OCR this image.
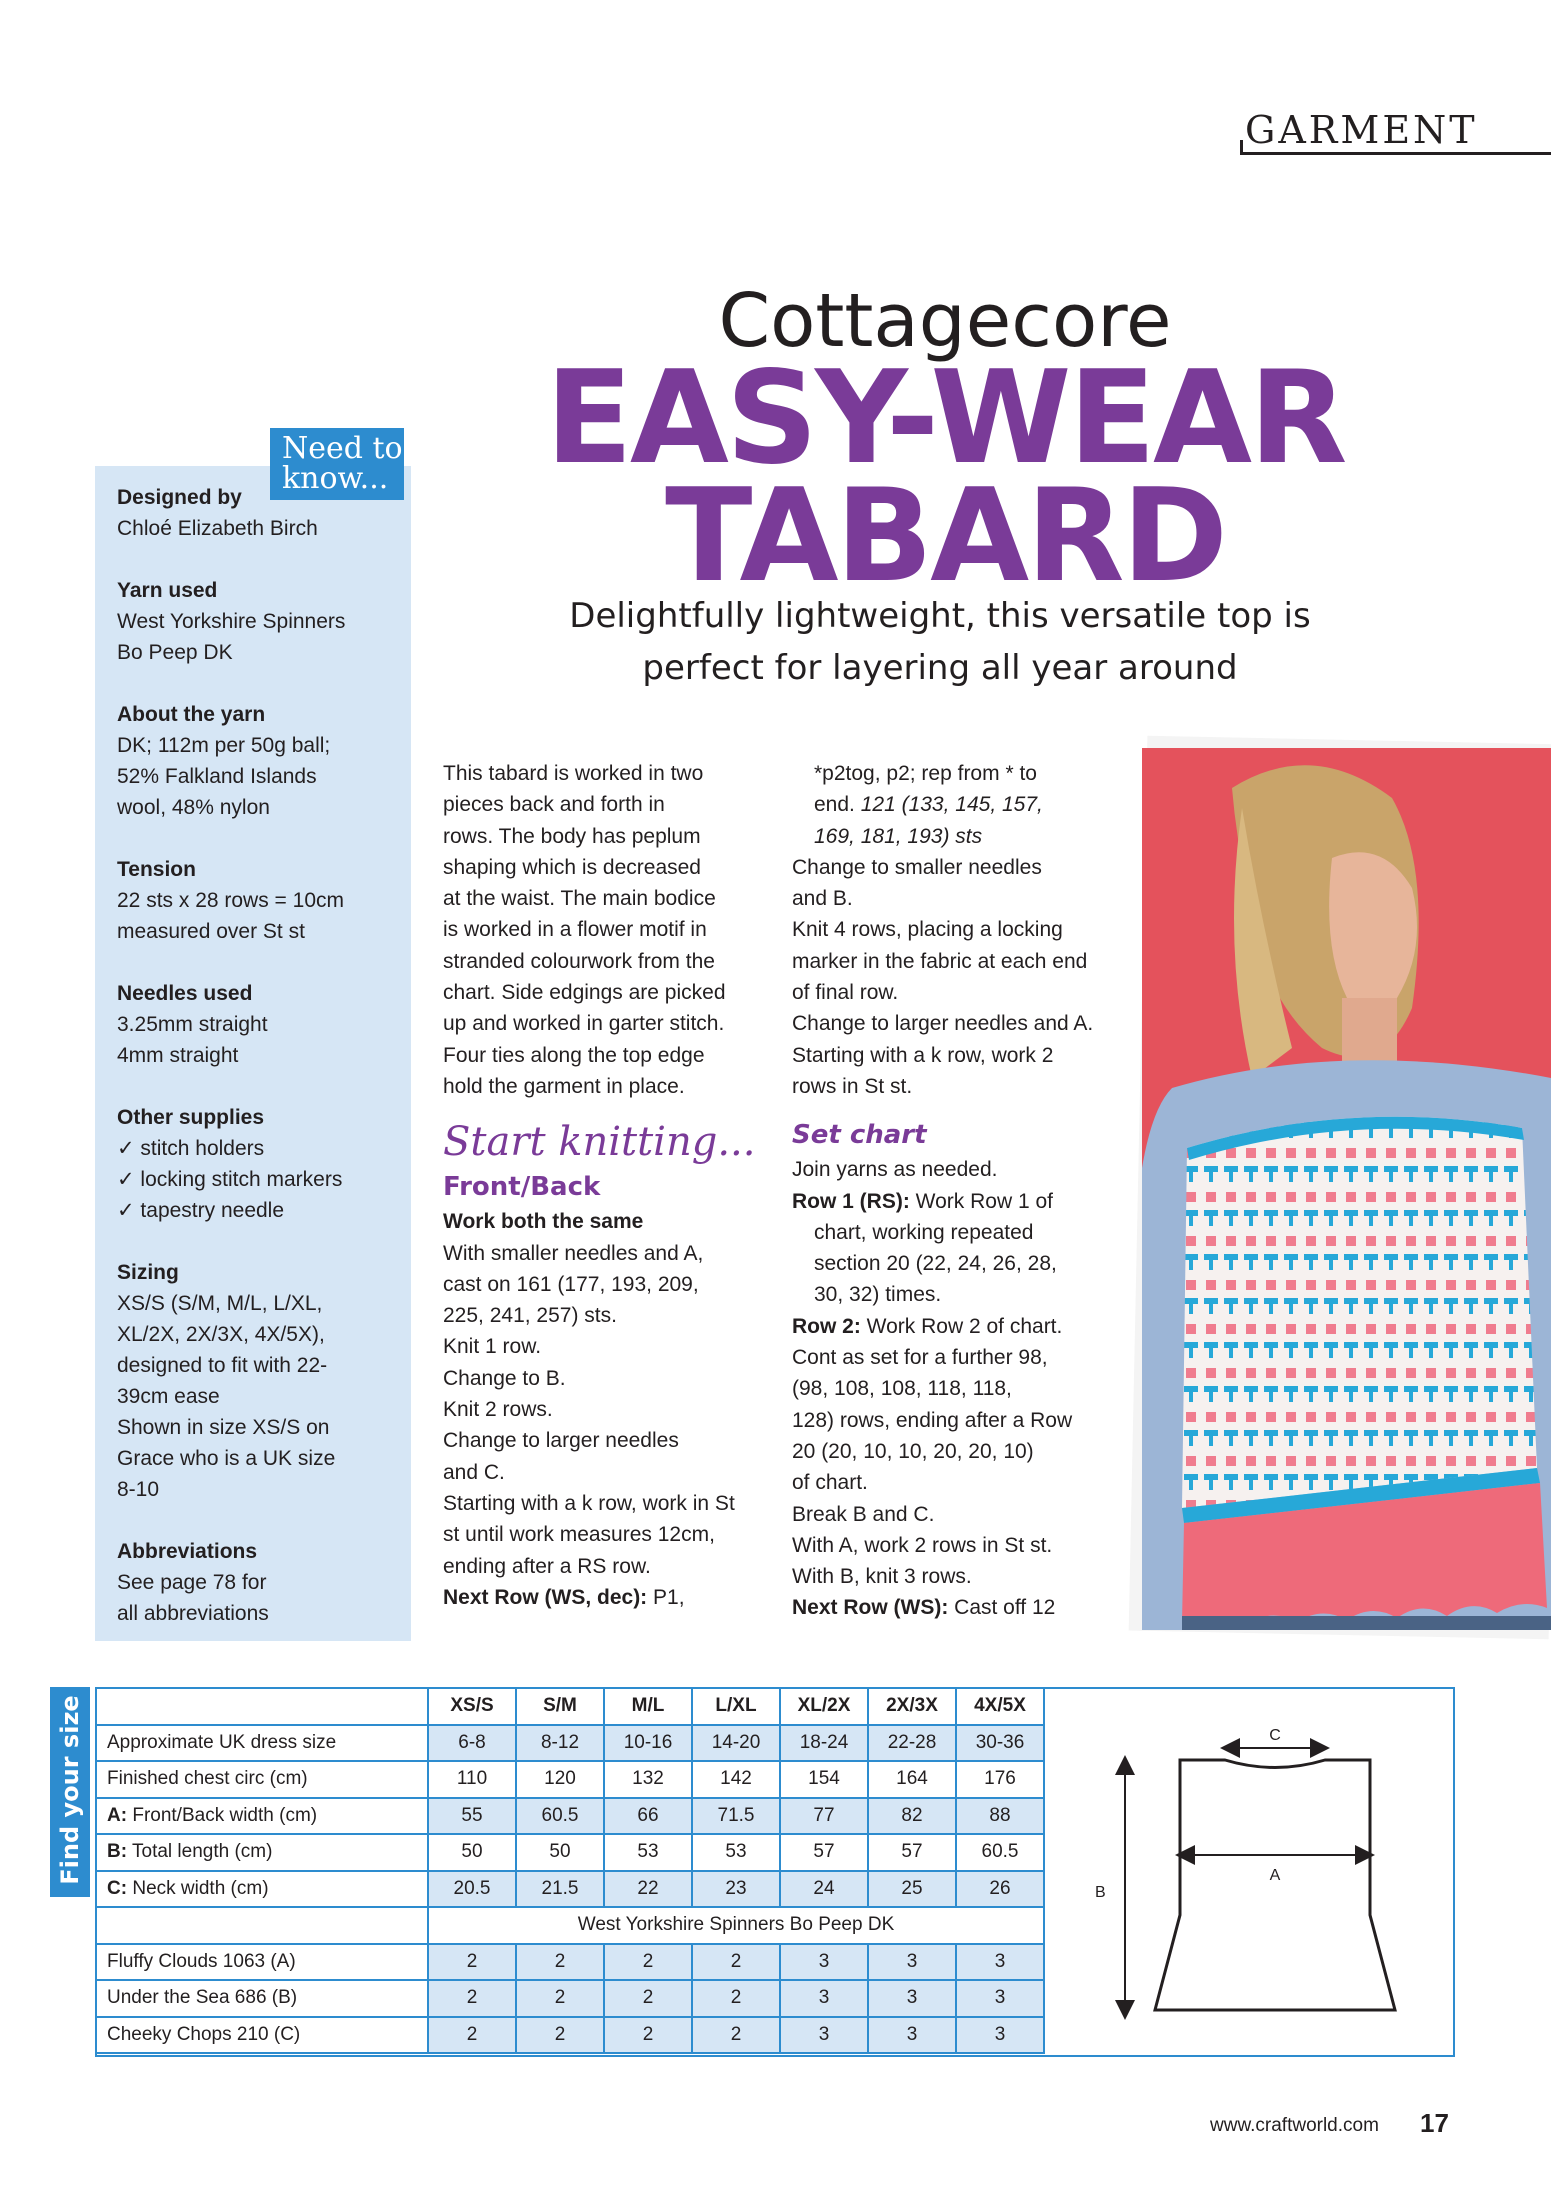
GARMENT
Cottagecore
EASY-WEAR
TABARD
Delightfully lightweight, this versatile top is
perfect for layering all year around
Need to
know...
Designed by
Chloé Elizabeth Birch
Yarn used
West Yorkshire Spinners
Bo Peep DK
About the yarn
DK; 112m per 50g ball;
52% Falkland Islands
wool, 48% nylon
Tension
22 sts x 28 rows = 10cm
measured over St st
Needles used
3.25mm straight
4mm straight
Other supplies
✓ stitch holders
✓ locking stitch markers
✓ tapestry needle
Sizing
XS/S (S/M, M/L, L/XL,
XL/2X, 2X/3X, 4X/5X),
designed to fit with 22-
39cm ease
Shown in size XS/S on
Grace who is a UK size
8-10
Abbreviations
See page 78 for
all abbreviations
This tabard is worked in two
pieces back and forth in
rows. The body has peplum
shaping which is decreased
at the waist. The main bodice
is worked in a flower motif in
stranded colourwork from the
chart. Side edgings are picked
up and worked in garter stitch.
Four ties along the top edge
hold the garment in place.
Start knitting...
Front/Back
Work both the same
With smaller needles and A,
cast on 161 (177, 193, 209,
225, 241, 257) sts.
Knit 1 row.
Change to B.
Knit 2 rows.
Change to larger needles
and C.
Starting with a k row, work in St
st until work measures 12cm,
ending after a RS row.
Next Row (WS, dec): P1,
*p2tog, p2; rep from * to
end. 121 (133, 145, 157,
169, 181, 193) sts
Change to smaller needles
and B.
Knit 4 rows, placing a locking
marker in the fabric at each end
of final row.
Change to larger needles and A.
Starting with a k row, work 2
rows in St st.
Set chart
Join yarns as needed.
Row 1 (RS): Work Row 1 of
chart, working repeated
section 20 (22, 24, 26, 28,
30, 32) times.
Row 2: Work Row 2 of chart.
Cont as set for a further 98,
(98, 108, 108, 118, 118,
128) rows, ending after a Row
20 (20, 10, 10, 20, 20, 10)
of chart.
Break B and C.
With A, work 2 rows in St st.
With B, knit 3 rows.
Next Row (WS): Cast off 12
Find your size
		XS/S	S/M	M/L	L/XL	XL/2X	2X/3X	4X/5X
Approximate UK dress size	6-8	8-12	10-16	14-20	18-24	22-28	30-36
Finished chest circ (cm)	110	120	132	142	154	164	176
A: Front/Back width (cm)	55	60.5	66	71.5	77	82	88
B: Total length (cm)	50	50	53	53	57	57	60.5
C: Neck width (cm)	20.5	21.5	22	23	24	25	26
	West Yorkshire Spinners Bo Peep DK						
Fluffy Clouds 1063 (A)	2	2	2	2	3	3	3
Under the Sea 686 (B)	2	2	2	2	3	3	3
Cheeky Chops 210 (C)	2	2	2	2	3	3	3
C
A
B
www.craftworld.com 17
